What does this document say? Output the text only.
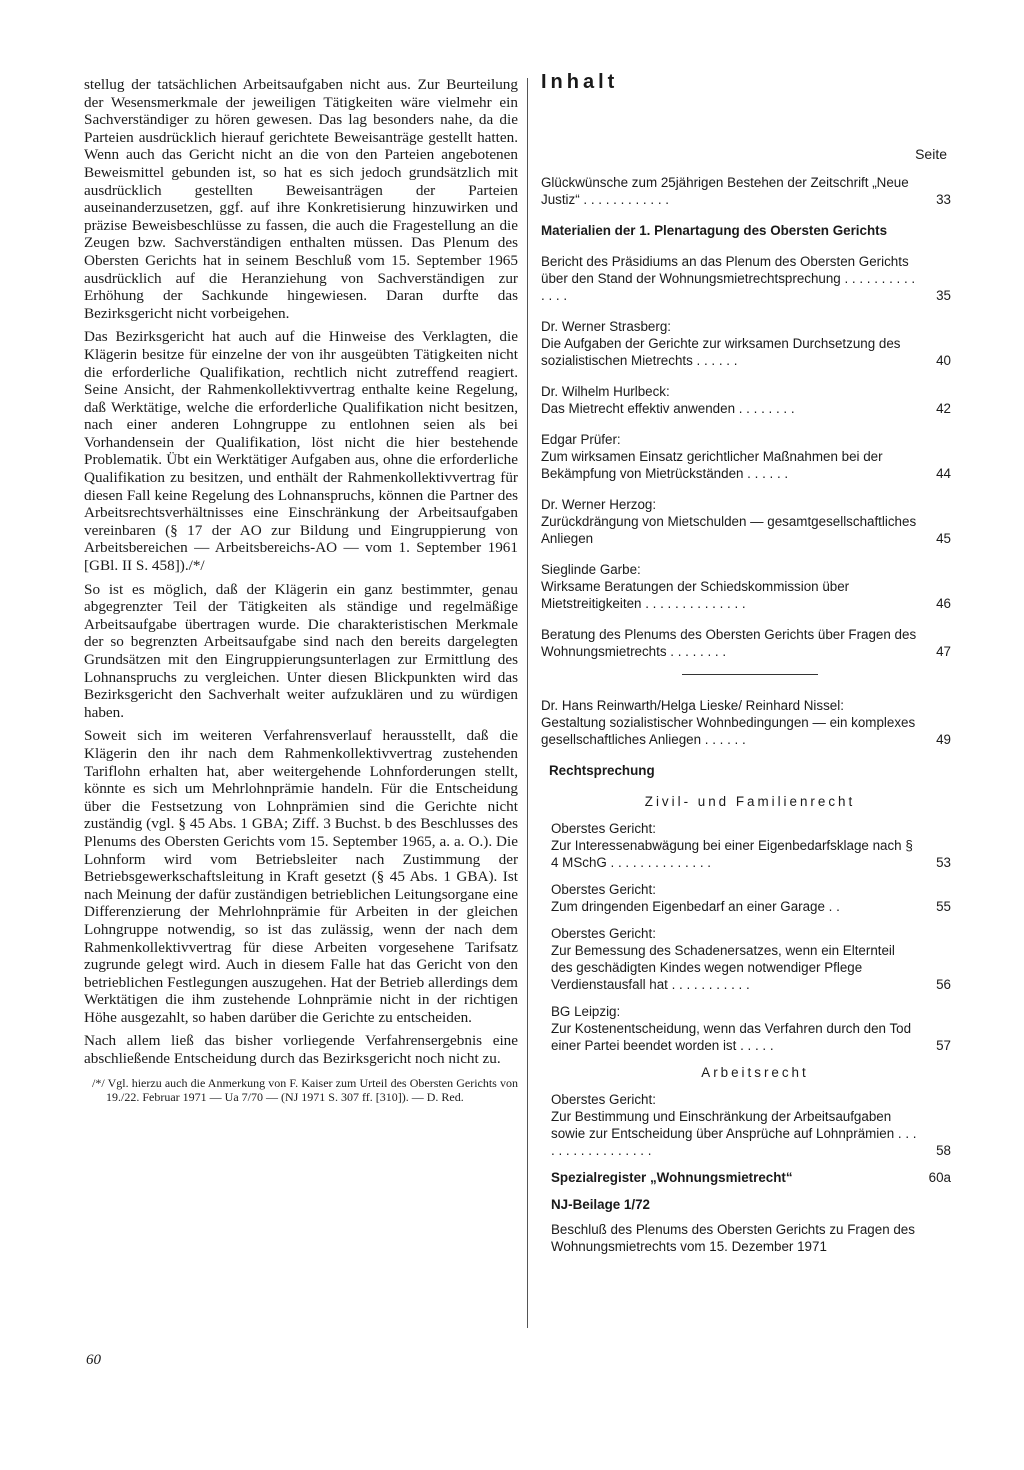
stellug der tatsächlichen Arbeitsaufgaben nicht aus. Zur Beurteilung der Wesensmerkmale der jeweiligen Tätigkeiten wäre vielmehr ein Sachverständiger zu hören gewesen. Das lag besonders nahe, da die Parteien ausdrücklich hierauf gerichtete Beweisanträge gestellt hatten. Wenn auch das Gericht nicht an die von den Parteien angebotenen Beweismittel gebunden ist, so hat es sich jedoch grundsätzlich mit ausdrücklich gestellten Beweisanträgen der Parteien auseinanderzusetzen, ggf. auf ihre Konkretisierung hinzuwirken und präzise Beweisbeschlüsse zu fassen, die auch die Fragestellung an die Zeugen bzw. Sachverständigen enthalten müssen. Das Plenum des Obersten Gerichts hat in seinem Beschluß vom 15. September 1965 ausdrücklich auf die Heranziehung von Sachverständigen zur Erhöhung der Sachkunde hingewiesen. Daran durfte das Bezirksgericht nicht vorbeigehen.

Das Bezirksgericht hat auch auf die Hinweise des Verklagten, die Klägerin besitze für einzelne der von ihr ausgeübten Tätigkeiten nicht die erforderliche Qualifikation, rechtlich nicht zutreffend reagiert. Seine Ansicht, der Rahmenkollektivvertrag enthalte keine Regelung, daß Werktätige, welche die erforderliche Qualifikation nicht besitzen, nach einer anderen Lohngruppe zu entlohnen seien als bei Vorhandensein der Qualifikation, löst nicht die hier bestehende Problematik. Übt ein Werktätiger Aufgaben aus, ohne die erforderliche Qualifikation zu besitzen, und enthält der Rahmenkollektivvertrag für diesen Fall keine Regelung des Lohnanspruchs, können die Partner des Arbeitsrechtsverhältnisses eine Einschränkung der Arbeitsaufgaben vereinbaren (§ 17 der AO zur Bildung und Eingruppierung von Arbeitsbereichen — Arbeitsbereichs-AO — vom 1. September 1961 [GBl. II S. 458])./*/

So ist es möglich, daß der Klägerin ein ganz bestimmter, genau abgegrenzter Teil der Tätigkeiten als ständige und regelmäßige Arbeitsaufgabe übertragen wurde. Die charakteristischen Merkmale der so begrenzten Arbeitsaufgabe sind nach den bereits dargelegten Grundsätzen mit den Eingruppierungsunterlagen zur Ermittlung des Lohnanspruchs zu vergleichen. Unter diesen Blickpunkten wird das Bezirksgericht den Sachverhalt weiter aufzuklären und zu würdigen haben.

Soweit sich im weiteren Verfahrensverlauf herausstellt, daß die Klägerin den ihr nach dem Rahmenkollektivvertrag zustehenden Tariflohn erhalten hat, aber weitergehende Lohnforderungen stellt, könnte es sich um Mehrlohnprämie handeln. Für die Entscheidung über die Festsetzung von Lohnprämien sind die Gerichte nicht zuständig (vgl. § 45 Abs. 1 GBA; Ziff. 3 Buchst. b des Beschlusses des Plenums des Obersten Gerichts vom 15. September 1965, a. a. O.). Die Lohnform wird vom Betriebsleiter nach Zustimmung der Betriebsgewerkschaftsleitung in Kraft gesetzt (§ 45 Abs. 1 GBA). Ist nach Meinung der dafür zuständigen betrieblichen Leitungsorgane eine Differenzierung der Mehrlohnprämie für Arbeiten in der gleichen Lohngruppe notwendig, so ist das zulässig, wenn der nach dem Rahmenkollektivvertrag für diese Arbeiten vorgesehene Tarifsatz zugrunde gelegt wird. Auch in diesem Falle hat das Gericht von den betrieblichen Festlegungen auszugehen. Hat der Betrieb allerdings dem Werktätigen die ihm zustehende Lohnprämie nicht in der richtigen Höhe ausgezahlt, so haben darüber die Gerichte zu entscheiden.

Nach allem ließ das bisher vorliegende Verfahrensergebnis eine abschließende Entscheidung durch das Bezirksgericht noch nicht zu.

/*/ Vgl. hierzu auch die Anmerkung von F. Kaiser zum Urteil des Obersten Gerichts von 19./22. Februar 1971 — Ua 7/70 — (NJ 1971 S. 307 ff. [310]). — D. Red.
60
Inhalt
Seite
Glückwünsche zum 25jährigen Bestehen der Zeitschrift „Neue Justiz“ . . . . . . . . . . . .	33
Materialien der 1. Plenartagung des Obersten Gerichts
Bericht des Präsidiums an das Plenum des Obersten Gerichts über den Stand der Wohnungsmietrechtsprechung . . . . . . . . . . . . . .	35
Dr. Werner Strasberg:
Die Aufgaben der Gerichte zur wirksamen Durchsetzung des sozialistischen Mietrechts . . . . . .	40
Dr. Wilhelm Hurlbeck:
Das Mietrecht effektiv anwenden . . . . . . . .	42
Edgar Prüfer:
Zum wirksamen Einsatz gerichtlicher Maßnahmen bei der Bekämpfung von Mietrückständen . . . . . .	44
Dr. Werner Herzog:
Zurückdrängung von Mietschulden — gesamtgesellschaftliches Anliegen	45
Sieglinde Garbe:
Wirksame Beratungen der Schiedskommission über Mietstreitigkeiten . . . . . . . . . . . . . .	46
Beratung des Plenums des Obersten Gerichts über Fragen des Wohnungsmietrechts . . . . . . . .	47
Dr. Hans Reinwarth/Helga Lieske/ Reinhard Nissel:
Gestaltung sozialistischer Wohnbedingungen — ein komplexes gesellschaftliches Anliegen . . . . . .	49
Rechtsprechung
Zivil- und Familienrecht
Oberstes Gericht:
Zur Interessenabwägung bei einer Eigenbedarfsklage nach § 4 MSchG . . . . . . . . . . . . . .	53
Oberstes Gericht:
Zum dringenden Eigenbedarf an einer Garage . .	55
Oberstes Gericht:
Zur Bemessung des Schadenersatzes, wenn ein Elternteil des geschädigten Kindes wegen notwendiger Pflege Verdienstausfall hat . . . . . . . . . . .	56
BG Leipzig:
Zur Kostenentscheidung, wenn das Verfahren durch den Tod einer Partei beendet worden ist . . . . .	57
Arbeitsrecht
Oberstes Gericht:
Zur Bestimmung und Einschränkung der Arbeitsaufgaben sowie zur Entscheidung über Ansprüche auf Lohnprämien . . . . . . . . . . . . . . . . .	58
Spezialregister „Wohnungsmietrecht“	60a
NJ-Beilage 1/72
Beschluß des Plenums des Obersten Gerichts zu Fragen des Wohnungsmietrechts vom 15. Dezember 1971
